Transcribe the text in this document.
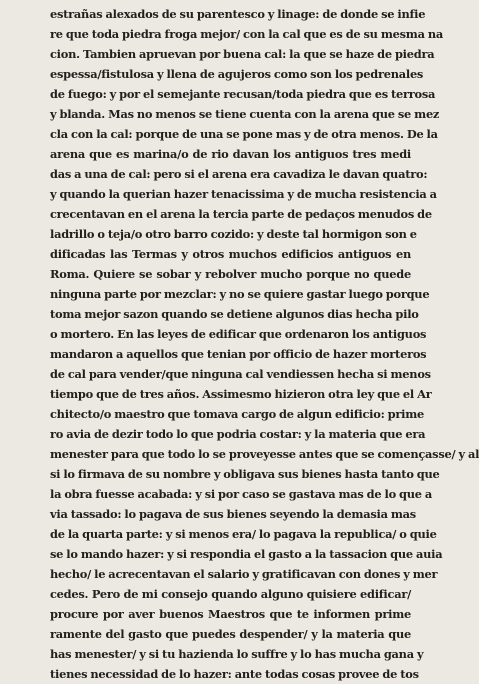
estrañas alexados de su parentesco y linage: de donde se infie
re que toda piedra froga mejor/ con la cal que es de su mesma na
cion. Tambien apruevan por buena cal: la que se haze de piedra
espessa/fistulosa y llena de agujeros como son los pedrenales
de fuego: y por el semejante recusan/toda piedra que es terrosa
y blanda. Mas no menos se tiene cuenta con la arena que se mez
cla con la cal: porque de una se pone mas y de otra menos. De la
arena que es marina/o de rio davan los antiguos tres medi
das a una de cal: pero si el arena era cavadiza le davan quatro:
y quando la querian hazer tenacissima y de mucha resistencia a
crecentavan en el arena la tercia parte de pedaços menudos de
ladrillo o teja/o otro barro cozido: y deste tal hormigon son e
dificadas las Termas y otros muchos edificios antiguos en
Roma. Quiere se sobar y rebolver mucho porque no quede
ninguna parte por mezclar: y no se quiere gastar luego porque
toma mejor sazon quando se detiene algunos dias hecha pilo
o mortero. En las leyes de edificar que ordenaron los antiguos
mandaron a aquellos que tenian por officio de hazer morteros
de cal para vender/que ninguna cal vendiessen hecha si menos
tiempo que de tres años. Assimesmo hizieron otra ley que el Ar
chitecto/o maestro que tomava cargo de algun edificio: prime
ro avia de dezir todo lo que podria costar: y la materia que era
menester para que todo lo se proveyesse antes que se començasse/ y al
si lo firmava de su nombre y obligava sus bienes hasta tanto que
la obra fuesse acabada: y si por caso se gastava mas de lo que a
via tassado: lo pagava de sus bienes seyendo la demasia mas
de la quarta parte: y si menos era/ lo pagava la republica/ o quie
se lo mando hazer: y si respondia el gasto a la tassacion que auia
hecho/ le acrecentavan el salario y gratificavan con dones y mer
cedes. Pero de mi consejo quando alguno quisiere edificar/
procure por aver buenos Maestros que te informen prime
ramente del gasto que puedes despender/ y la materia que
has menester/ y si tu hazienda lo suffre y lo has mucha gana y
tienes necessidad de lo hazer: ante todas cosas provee de tos
